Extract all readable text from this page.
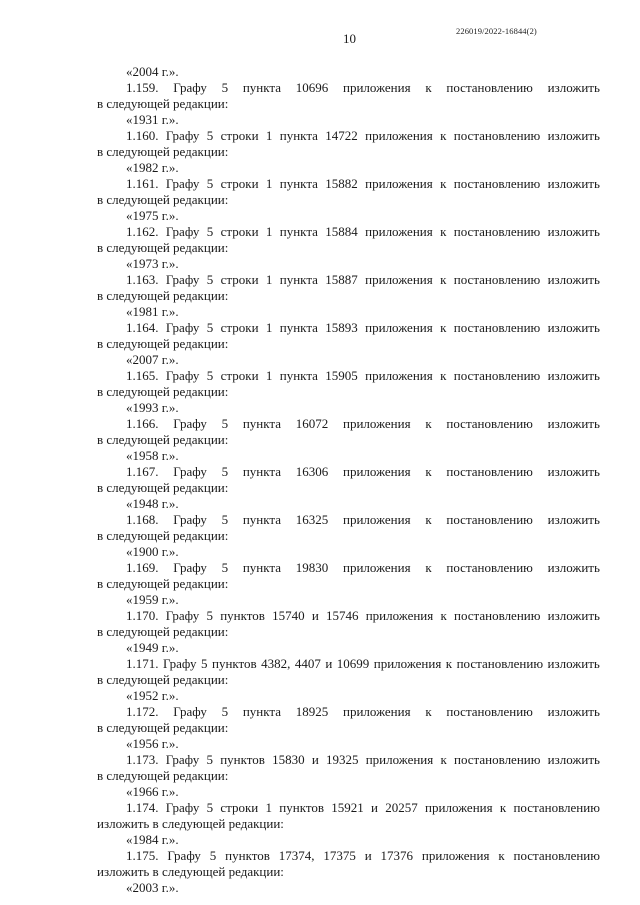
226019/2022-16844(2)
10
«2004 г.».
1.159. Графу 5 пункта 10696 приложения к постановлению изложить
в следующей редакции:
«1931 г.».
1.160. Графу 5 строки 1 пункта 14722 приложения к постановлению изложить
в следующей редакции:
«1982 г.».
1.161. Графу 5 строки 1 пункта 15882 приложения к постановлению изложить
в следующей редакции:
«1975 г.».
1.162. Графу 5 строки 1 пункта 15884 приложения к постановлению изложить
в следующей редакции:
«1973 г.».
1.163. Графу 5 строки 1 пункта 15887 приложения к постановлению изложить
в следующей редакции:
«1981 г.».
1.164. Графу 5 строки 1 пункта 15893 приложения к постановлению изложить
в следующей редакции:
«2007 г.».
1.165. Графу 5 строки 1 пункта 15905 приложения к постановлению изложить
в следующей редакции:
«1993 г.».
1.166. Графу 5 пункта 16072 приложения к постановлению изложить
в следующей редакции:
«1958 г.».
1.167. Графу 5 пункта 16306 приложения к постановлению изложить
в следующей редакции:
«1948 г.».
1.168. Графу 5 пункта 16325 приложения к постановлению изложить
в следующей редакции:
«1900 г.».
1.169. Графу 5 пункта 19830 приложения к постановлению изложить
в следующей редакции:
«1959 г.».
1.170. Графу 5 пунктов 15740 и 15746 приложения к постановлению изложить
в следующей редакции:
«1949 г.».
1.171. Графу 5 пунктов 4382, 4407 и 10699 приложения к постановлению изложить
в следующей редакции:
«1952 г.».
1.172. Графу 5 пункта 18925 приложения к постановлению изложить
в следующей редакции:
«1956 г.».
1.173. Графу 5 пунктов 15830 и 19325 приложения к постановлению изложить
в следующей редакции:
«1966 г.».
1.174. Графу 5 строки 1 пунктов 15921 и 20257 приложения к постановлению
изложить в следующей редакции:
«1984 г.».
1.175. Графу 5 пунктов 17374, 17375 и 17376 приложения к постановлению
изложить в следующей редакции:
«2003 г.».
